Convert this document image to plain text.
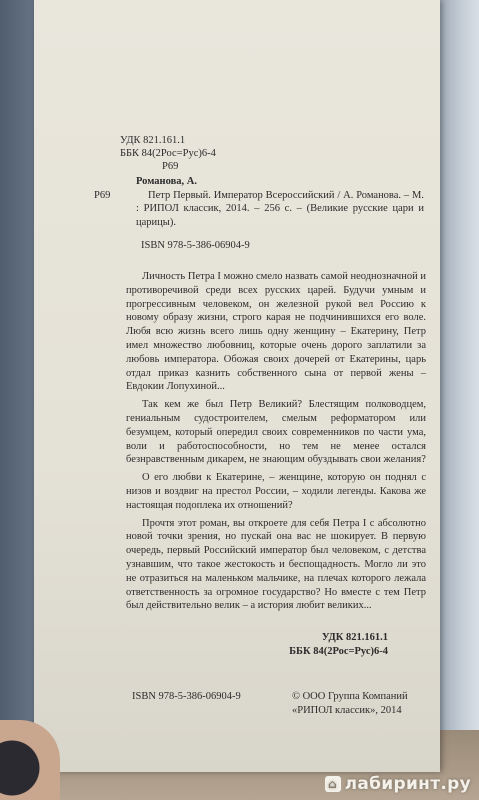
УДК 821.161.1
ББК 84(2Рос=Рус)6-4
Р69
Романова, А.
Р69	Петр Первый. Император Всероссийский / А. Романова. – М. : РИПОЛ классик, 2014. – 256 с. – (Великие русские цари и царицы).
ISBN 978-5-386-06904-9

Личность Петра I можно смело назвать самой неоднозначной и противоречивой среди всех русских царей. Будучи умным и прогрессивным человеком, он железной рукой вел Россию к новому образу жизни, строго карая не подчинившихся его воле. Любя всю жизнь всего лишь одну женщину – Екатерину, Петр имел множество любовниц, которые очень дорого заплатили за любовь императора. Обожая своих дочерей от Екатерины, царь отдал приказ казнить собственного сына от первой жены – Евдокии Лопухиной...

Так кем же был Петр Великий? Блестящим полководцем, гениальным судостроителем, смелым реформатором или безумцем, который опередил своих современников по части ума, воли и работоспособности, но тем не менее остался безнравственным дикарем, не знающим обуздывать свои желания?

О его любви к Екатерине, – женщине, которую он поднял с низов и воздвиг на престол России, – ходили легенды. Какова же настоящая подоплека их отношений?

Прочтя этот роман, вы откроете для себя Петра I с абсолютно новой точки зрения, но пускай она вас не шокирует. В первую очередь, первый Российский император был человеком, с детства узнавшим, что такое жестокость и беспощадность. Могло ли это не отразиться на маленьком мальчике, на плечах которого лежала ответственность за огромное государство? Но вместе с тем Петр был действительно велик – а история любит великих...

УДК 821.161.1
ББК 84(2Рос=Рус)6-4
ISBN 978-5-386-06904-9	© ООО Группа Компаний
«РИПОЛ классик», 2014
⌂ лабиринт.ру
